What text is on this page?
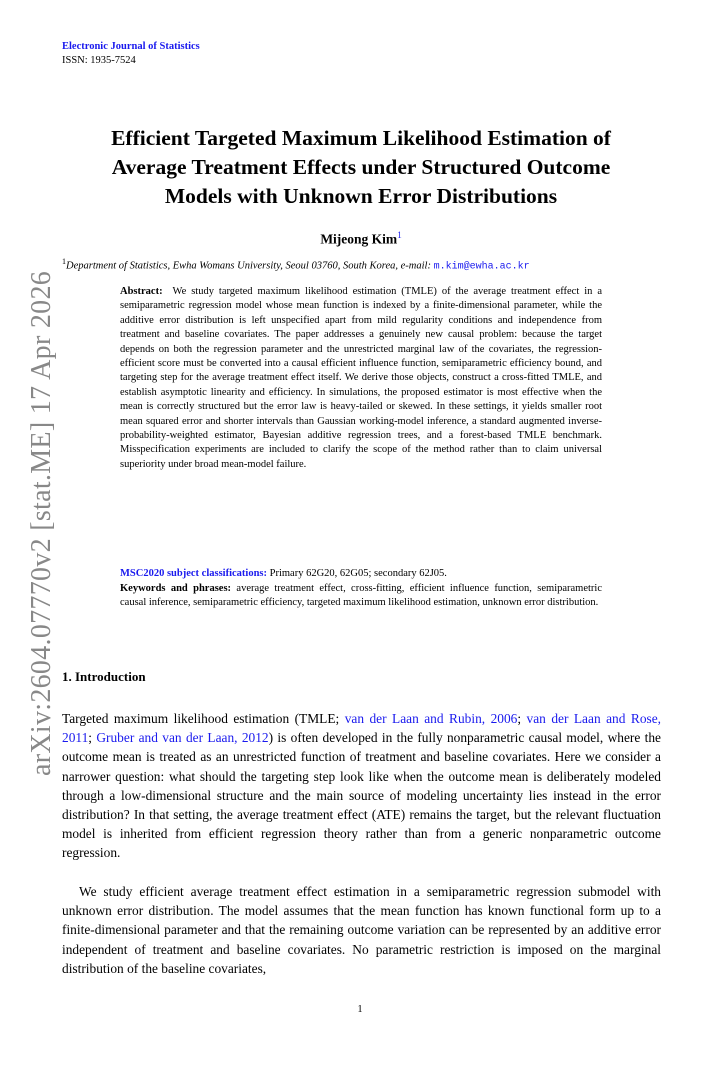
Electronic Journal of Statistics
ISSN: 1935-7524
arXiv:2604.07770v2 [stat.ME] 17 Apr 2026
Efficient Targeted Maximum Likelihood Estimation of
Average Treatment Effects under Structured Outcome
Models with Unknown Error Distributions
Mijeong Kim$^1$
$^1$Department of Statistics, Ewha Womans University, Seoul 03760, South Korea, e-mail: m.kim@ewha.ac.kr

Abstract: We study targeted maximum likelihood estimation (TMLE) of the average treatment effect in a semiparametric regression model whose mean function is indexed by a finite-dimensional parameter, while the additive error distribution is left unspecified apart from mild regularity conditions and independence from treatment and baseline covariates. The paper addresses a genuinely new causal problem: because the target depends on both the regression parameter and the unrestricted marginal law of the covariates, the regression-efficient score must be converted into a causal efficient influence function, semiparametric efficiency bound, and targeting step for the average treatment effect itself. We derive those objects, construct a cross-fitted TMLE, and establish asymptotic linearity and efficiency. In simulations, the proposed estimator is most effective when the mean is correctly structured but the error law is heavy-tailed or skewed. In these settings, it yields smaller root mean squared error and shorter intervals than Gaussian working-model inference, a standard augmented inverse-probability-weighted estimator, Bayesian additive regression trees, and a forest-based TMLE benchmark. Misspecification experiments are included to clarify the scope of the method rather than to claim universal superiority under broad mean-model failure.

MSC2020 subject classifications: Primary 62G20, 62G05; secondary 62J05.

Keywords and phrases: average treatment effect, cross-fitting, efficient influence function, semiparametric causal inference, semiparametric efficiency, targeted maximum likelihood estimation, unknown error distribution.

1. Introduction

Targeted maximum likelihood estimation (TMLE; van der Laan and Rubin, 2006; van der Laan and Rose, 2011; Gruber and van der Laan, 2012) is often developed in the fully nonparametric causal model, where the outcome mean is treated as an unrestricted function of treatment and baseline covariates. Here we consider a narrower question: what should the targeting step look like when the outcome mean is deliberately modeled through a low-dimensional structure and the main source of modeling uncertainty lies instead in the error distribution? In that setting, the average treatment effect (ATE) remains the target, but the relevant fluctuation model is inherited from efficient regression theory rather than from a generic nonparametric outcome regression.

We study efficient average treatment effect estimation in a semiparametric regression submodel with unknown error distribution. The model assumes that the mean function has known functional form up to a finite-dimensional parameter and that the remaining outcome variation can be represented by an additive error independent of treatment and baseline covariates. No parametric restriction is imposed on the marginal distribution of the baseline covariates,

1
